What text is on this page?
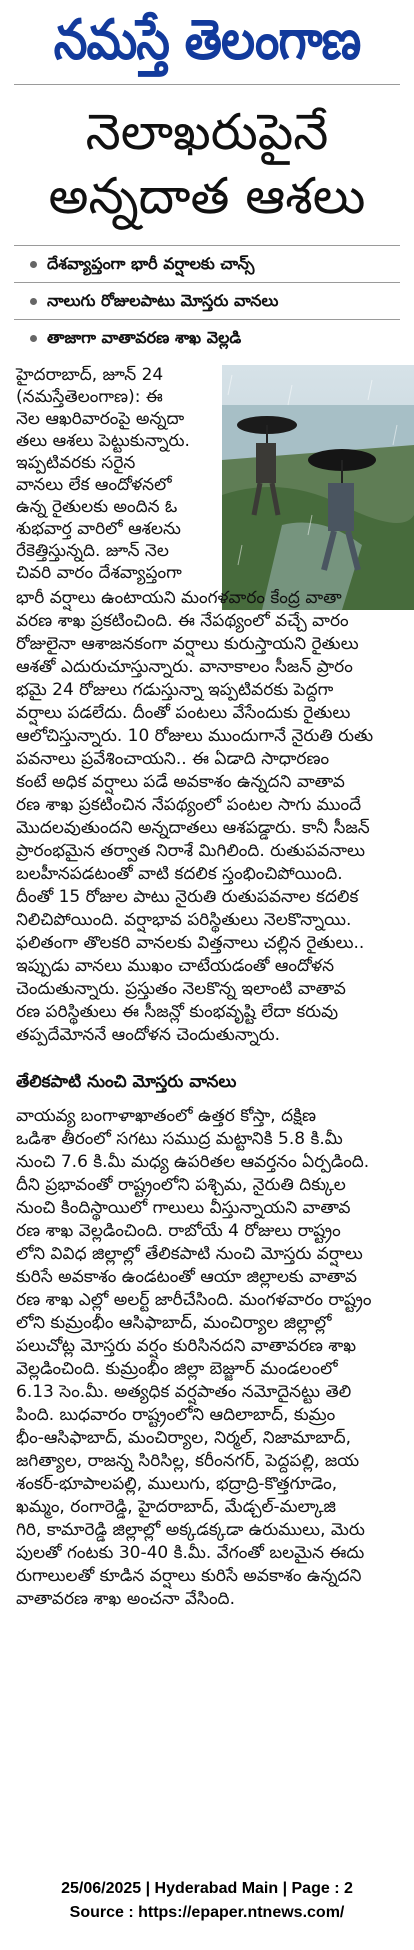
నమస్తే తెలంగాణ
నెలాఖరుపైనే
అన్నదాత ఆశలు
దేశవ్యాప్తంగా భారీ వర్షాలకు చాన్స్
నాలుగు రోజులపాటు మోస్తరు వానలు
తాజాగా వాతావరణ శాఖ వెల్లడి
హైదరాబాద్, జూన్ 24
(నమస్తేతెలంగాణ): ఈ
నెల ఆఖరివారంపై అన్నదా
తలు ఆశలు పెట్టుకున్నారు.
ఇప్పటివరకు సరైన
వానలు లేక ఆందోళనలో
ఉన్న రైతులకు అందిన ఓ
శుభవార్త వారిలో ఆశలను
రేకెత్తిస్తున్నది. జూన్ నెల
చివరి వారం దేశవ్యాప్తంగా
భారీ వర్షాలు ఉంటాయని మంగళవారం కేంద్ర వాతా
వరణ శాఖ ప్రకటించింది. ఈ నేపథ్యంలో వచ్చే వారం
రోజులైనా ఆశాజనకంగా వర్షాలు కురుస్తాయని రైతులు
ఆశతో ఎదురుచూస్తున్నారు. వానాకాలం సీజన్ ప్రారం
భమై 24 రోజులు గడుస్తున్నా ఇప్పటివరకు పెద్దగా
వర్షాలు పడలేదు. దీంతో పంటలు వేసేందుకు రైతులు
ఆలోచిస్తున్నారు. 10 రోజులు ముందుగానే నైరుతి రుతు
పవనాలు ప్రవేశించాయని.. ఈ ఏడాది సాధారణం
కంటే అధిక వర్షాలు పడే అవకాశం ఉన్నదని వాతావ
రణ శాఖ ప్రకటించిన నేపథ్యంలో పంటల సాగు ముందే
మొదలవుతుందని అన్నదాతలు ఆశపడ్డారు. కానీ సీజన్
ప్రారంభమైన తర్వాత నిరాశే మిగిలింది. రుతుపవనాలు
బలహీనపడటంతో వాటి కదలిక స్తంభించిపోయింది.
దీంతో 15 రోజుల పాటు నైరుతి రుతుపవనాల కదలిక
నిలిచిపోయింది. వర్షాభావ పరిస్థితులు నెలకొన్నాయి.
ఫలితంగా తొలకరి వానలకు విత్తనాలు చల్లిన రైతులు..
ఇప్పుడు వానలు ముఖం చాటేయడంతో ఆందోళన
చెందుతున్నారు. ప్రస్తుతం నెలకొన్న ఇలాంటి వాతావ
రణ పరిస్థితులు ఈ సీజన్లో కుంభవృష్టి లేదా కరువు
తప్పదేమోననే ఆందోళన చెందుతున్నారు.
తేలికపాటి నుంచి మోస్తరు వానలు
వాయవ్య బంగాళాఖాతంలో ఉత్తర కోస్తా, దక్షిణ
ఒడిశా తీరంలో సగటు సముద్ర మట్టానికి 5.8 కి.మీ
నుంచి 7.6 కి.మీ మధ్య ఉపరితల ఆవర్తనం ఏర్పడింది.
దీని ప్రభావంతో రాష్ట్రంలోని పశ్చిమ, నైరుతి దిక్కుల
నుంచి కిందిస్థాయిలో గాలులు వీస్తున్నాయని వాతావ
రణ శాఖ వెల్లడించింది. రాబోయే 4 రోజులు రాష్ట్రం
లోని వివిధ జిల్లాల్లో తేలికపాటి నుంచి మోస్తరు వర్షాలు
కురిసే అవకాశం ఉండటంతో ఆయా జిల్లాలకు వాతావ
రణ శాఖ ఎల్లో అలర్ట్ జారీచేసింది. మంగళవారం రాష్ట్రం
లోని కుమ్రంభీం ఆసిఫాబాద్, మంచిర్యాల జిల్లాల్లో
పలుచోట్ల మోస్తరు వర్షం కురిసినదని వాతావరణ శాఖ
వెల్లడించింది. కుమ్రంభీం జిల్లా బెజ్జూర్ మండలంలో
6.13 సెం.మీ. అత్యధిక వర్షపాతం నమోదైనట్టు తెలి
పింది. బుధవారం రాష్ట్రంలోని ఆదిలాబాద్, కుమ్రం
భీం-ఆసిఫాబాద్, మంచిర్యాల, నిర్మల్, నిజామాబాద్,
జగిత్యాల, రాజన్న సిరిసిల్ల, కరీంనగర్, పెద్దపల్లి, జయ
శంకర్-భూపాలపల్లి, ములుగు, భద్రాద్రి-కొత్తగూడెం,
ఖమ్మం, రంగారెడ్డి, హైదరాబాద్, మేడ్చల్-మల్కాజి
గిరి, కామారెడ్డి జిల్లాల్లో అక్కడక్కడా ఉరుములు, మెరు
పులతో గంటకు 30-40 కి.మీ. వేగంతో బలమైన ఈదు
రుగాలులతో కూడిన వర్షాలు కురిసే అవకాశం ఉన్నదని
వాతావరణ శాఖ అంచనా వేసింది.
25/06/2025 | Hyderabad Main | Page : 2
Source : https://epaper.ntnews.com/
